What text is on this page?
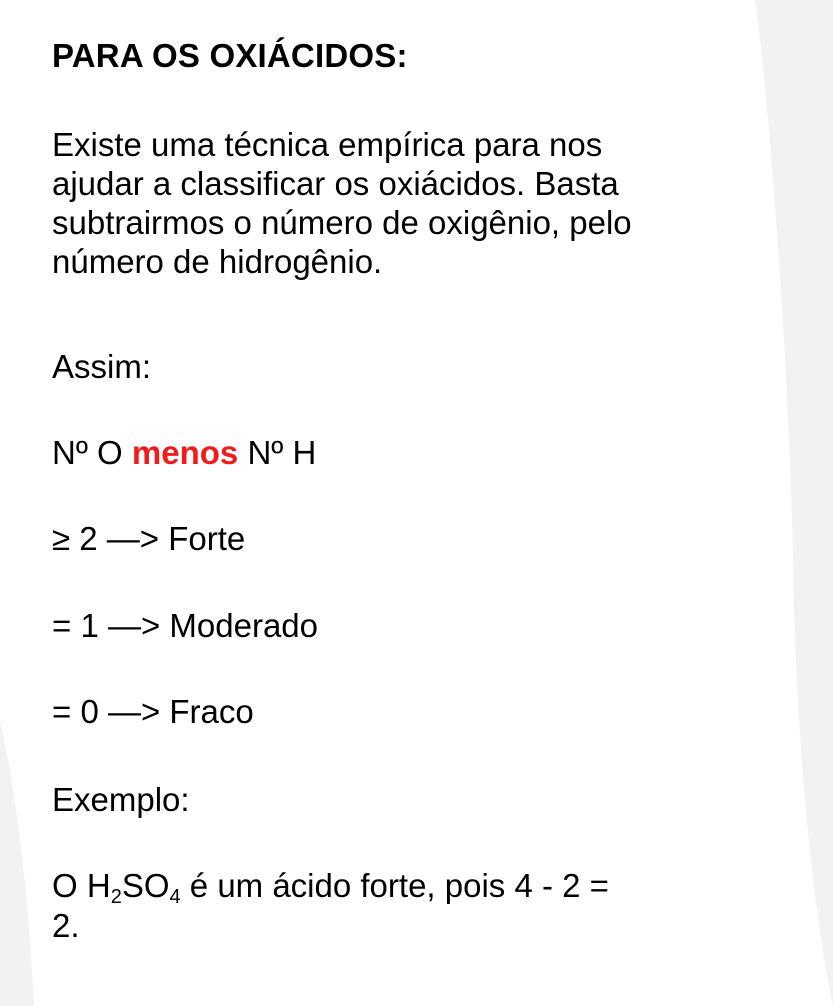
PARA OS OXIÁCIDOS:

Existe uma técnica empírica para nos
ajudar a classificar os oxiácidos. Basta
subtrairmos o número de oxigênio, pelo
número de hidrogênio.

Assim:

Nº O menos Nº H

≥ 2 —> Forte

= 1 —> Moderado

= 0 —> Fraco

Exemplo:

O $H_2SO_4$ é um ácido forte, pois 4 - 2 =

2.
